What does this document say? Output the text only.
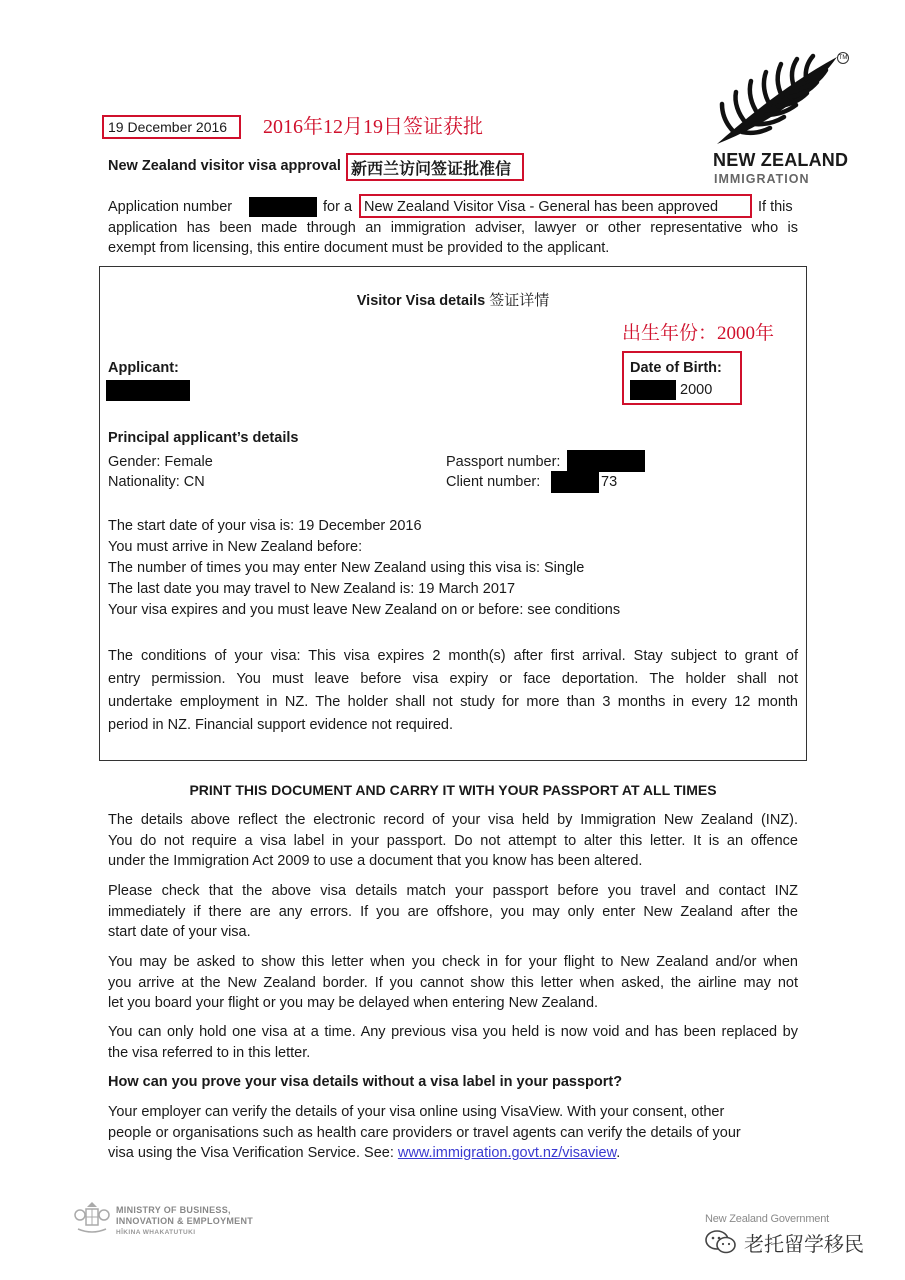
19 December 2016 2016年12月19日签证获批
TM
NEW ZEALAND
IMMIGRATION
New Zealand visitor visa approval 新西兰访问签证批准信
Application number	for a New Zealand Visitor Visa - General has been approved	If this
application has been made through an immigration adviser, lawyer or other representative who is
exempt from licensing, this entire document must be provided to the applicant.
Visitor Visa details 签证详情
出生年份：2000年
Applicant:	Date of Birth:
2000
Principal applicant’s details
Gender: Female
Nationality: CN
Passport number:
Client number:	73
The start date of your visa is: 19 December 2016
You must arrive in New Zealand before:
The number of times you may enter New Zealand using this visa is: Single
The last date you may travel to New Zealand is: 19 March 2017
Your visa expires and you must leave New Zealand on or before: see conditions
The conditions of your visa: This visa expires 2 month(s) after first arrival. Stay subject to grant of
entry permission. You must leave before visa expiry or face deportation. The holder shall not
undertake employment in NZ. The holder shall not study for more than 3 months in every 12 month
period in NZ. Financial support evidence not required.
PRINT THIS DOCUMENT AND CARRY IT WITH YOUR PASSPORT AT ALL TIMES
The details above reflect the electronic record of your visa held by Immigration New Zealand (INZ).
You do not require a visa label in your passport. Do not attempt to alter this letter. It is an offence
under the Immigration Act 2009 to use a document that you know has been altered.
Please check that the above visa details match your passport before you travel and contact INZ
immediately if there are any errors. If you are offshore, you may only enter New Zealand after the
start date of your visa.
You may be asked to show this letter when you check in for your flight to New Zealand and/or when
you arrive at the New Zealand border. If you cannot show this letter when asked, the airline may not
let you board your flight or you may be delayed when entering New Zealand.
You can only hold one visa at a time. Any previous visa you held is now void and has been replaced by
the visa referred to in this letter.
How can you prove your visa details without a visa label in your passport?
Your employer can verify the details of your visa online using VisaView. With your consent, other
people or organisations such as health care providers or travel agents can verify the details of your
visa using the Visa Verification Service. See: www.immigration.govt.nz/visaview.
MINISTRY OF BUSINESS,
INNOVATION & EMPLOYMENT
HĪKINA WHAKATUTUKI
New Zealand Government
老托留学移民
